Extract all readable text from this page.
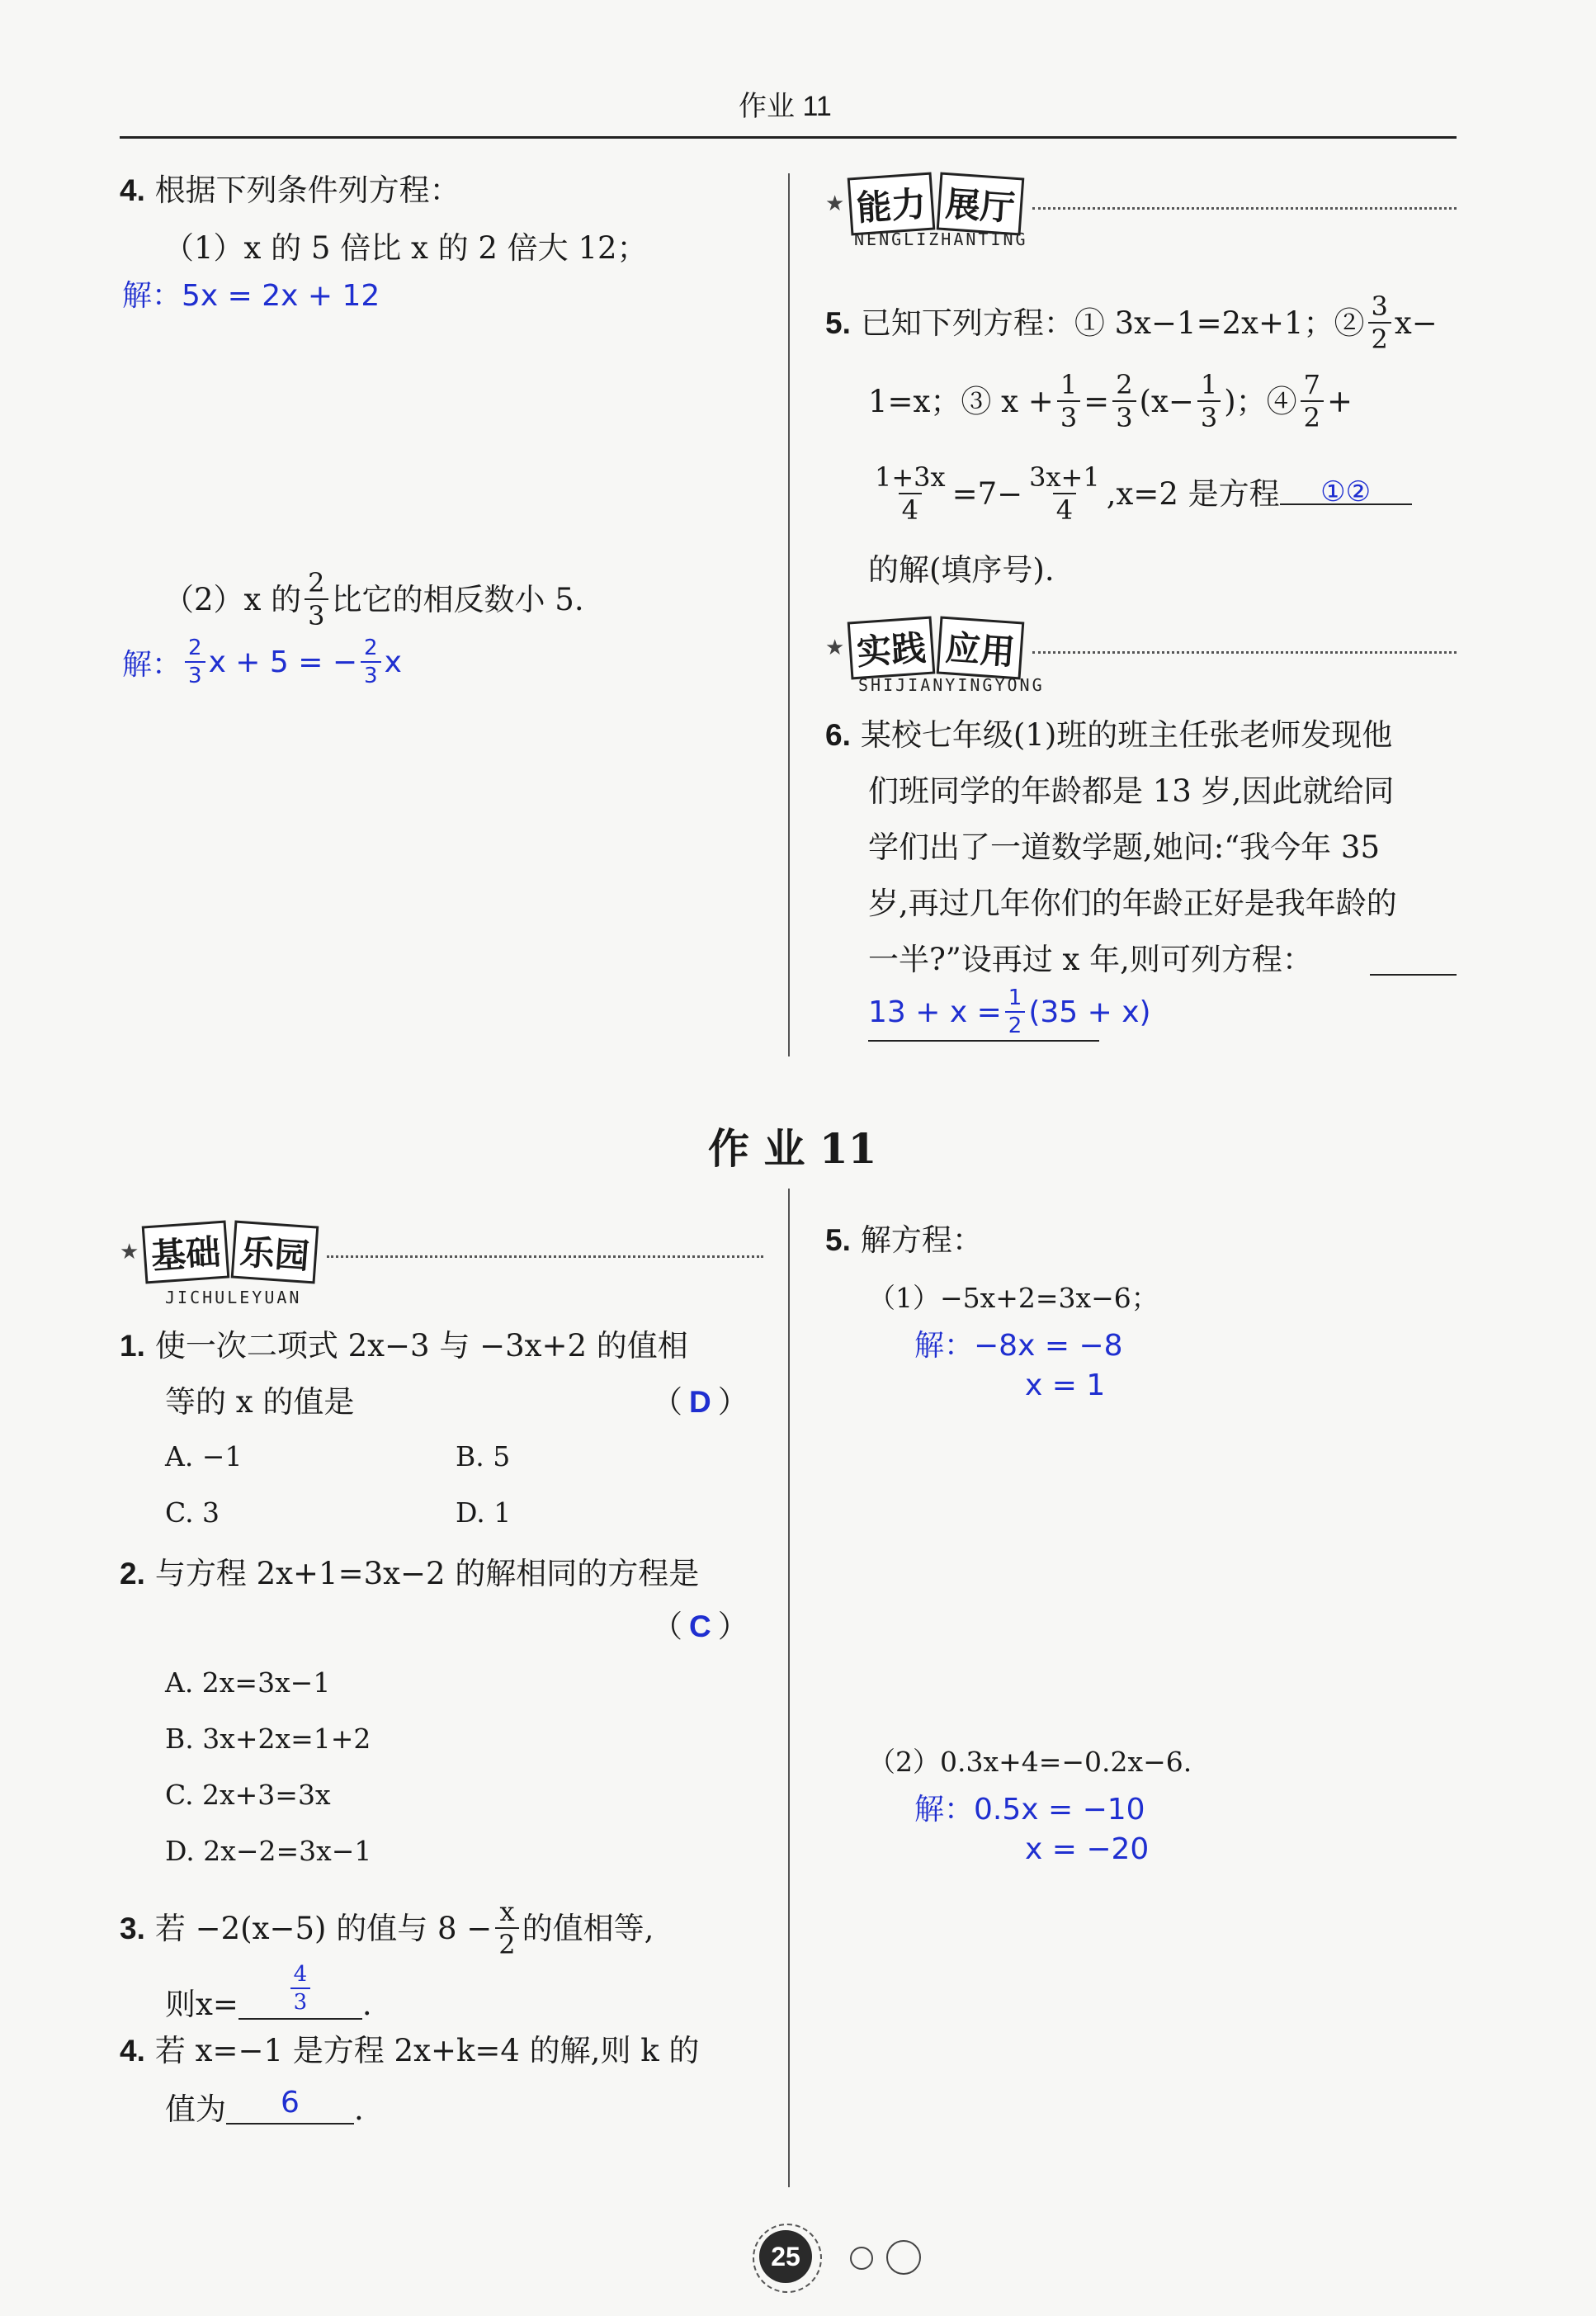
作业 11
4. 根据下列条件列方程：
（1）x 的 5 倍比 x 的 2 倍大 12；
解：5x = 2x + 12
（2）x 的 $\frac{2}{3}$ 比它的相反数小 5.
解： $\frac{2}{3}$ x + 5 = − $\frac{2}{3}$ x
★ 能力 展厅
NENGLIZHANTING
5. 已知下列方程：① 3x−1=2x+1；② $\frac{3}{2} x-$
1=x；③ $x + \frac{1}{3} = \frac{2}{3} (x- \frac{1}{3}$ )；④ $\frac{7}{2}$ +
$\frac{1+3x}{4} =7- \frac{3x+1}{4} ,x=2$ 是方程	①②
的解(填序号).
★ 实践 应用
SHIJIANYINGYONG
6. 某校七年级(1)班的班主任张老师发现他
们班同学的年龄都是 13 岁,因此就给同
学们出了一道数学题,她问:“我今年 35
岁,再过几年你们的年龄正好是我年龄的
一半?”设再过 x 年,则可列方程：
$13 + x = \frac{1}{2} (35 + x)$
作 业 11
★ 基础 乐园
JICHULEYUAN
1. 使一次二项式 2x−3 与 −3x+2 的值相
等的 x 的值是	（ D ）
A. −1	B. 5
C. 3	D. 1
2. 与方程 2x+1=3x−2 的解相同的方程是
（ C ）
A. 2x=3x−1
B. 3x+2x=1+2
C. 2x+3=3x
D. 2x−2=3x−1
3. 若 −2(x−5) 的值与 $8 - \frac{x}{2}$ 的值相等,
则$x= \frac{4}{3}$ .
4. 若 x=−1 是方程 2x+k=4 的解,则 k 的
值为	6	.
5. 解方程：
（1）−5x+2=3x−6；
解：−8x = −8
x = 1
（2）0.3x+4=−0.2x−6.
解：0.5x = −10
x = −20
25
